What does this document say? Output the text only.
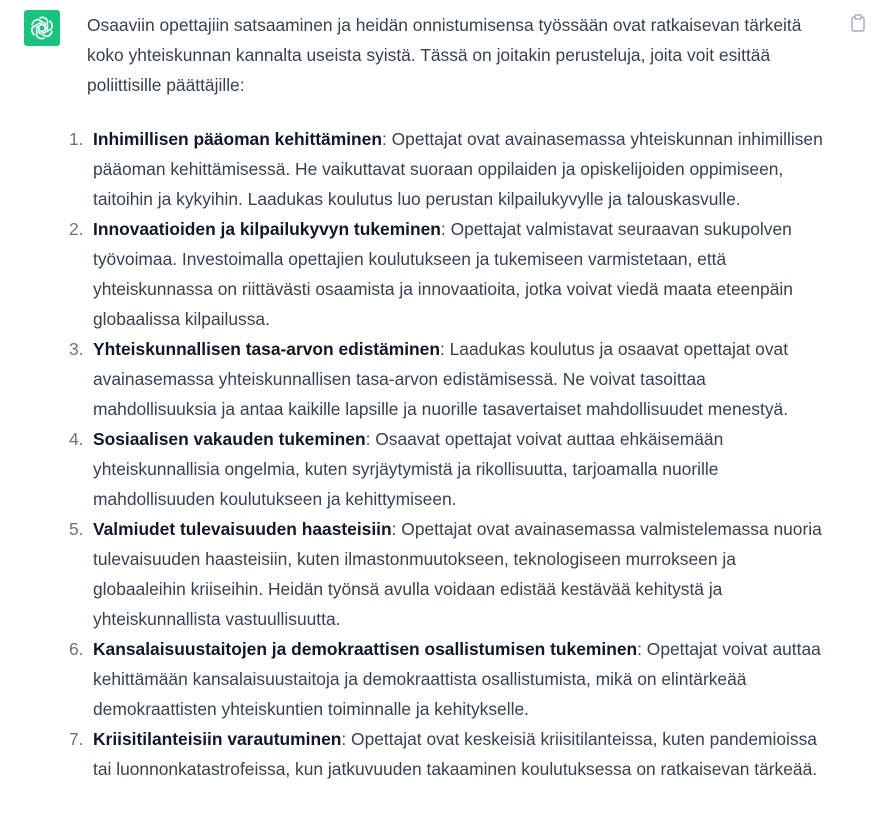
Osaaviin opettajiin satsaaminen ja heidän onnistumisensa työssään ovat ratkaisevan tärkeitä koko yhteiskunnan kannalta useista syistä. Tässä on joitakin perusteluja, joita voit esittää poliittisille päättäjille:

1. Inhimillisen pääoman kehittäminen: Opettajat ovat avainasemassa yhteiskunnan inhimillisen pääoman kehittämisessä. He vaikuttavat suoraan oppilaiden ja opiskelijoiden oppimiseen, taitoihin ja kykyihin. Laadukas koulutus luo perustan kilpailukyvylle ja talouskasvulle.
2. Innovaatioiden ja kilpailukyvyn tukeminen: Opettajat valmistavat seuraavan sukupolven työvoimaa. Investoimalla opettajien koulutukseen ja tukemiseen varmistetaan, että yhteiskunnassa on riittävästi osaamista ja innovaatioita, jotka voivat viedä maata eteenpäin globaalissa kilpailussa.
3. Yhteiskunnallisen tasa-arvon edistäminen: Laadukas koulutus ja osaavat opettajat ovat avainasemassa yhteiskunnallisen tasa-arvon edistämisessä. Ne voivat tasoittaa mahdollisuuksia ja antaa kaikille lapsille ja nuorille tasavertaiset mahdollisuudet menestyä.
4. Sosiaalisen vakauden tukeminen: Osaavat opettajat voivat auttaa ehkäisemään yhteiskunnallisia ongelmia, kuten syrjäytymistä ja rikollisuutta, tarjoamalla nuorille mahdollisuuden koulutukseen ja kehittymiseen.
5. Valmiudet tulevaisuuden haasteisiin: Opettajat ovat avainasemassa valmistelemassa nuoria tulevaisuuden haasteisiin, kuten ilmastonmuutokseen, teknologiseen murrokseen ja globaaleihin kriiseihin. Heidän työnsä avulla voidaan edistää kestävää kehitystä ja yhteiskunnallista vastuullisuutta.
6. Kansalaisuustaitojen ja demokraattisen osallistumisen tukeminen: Opettajat voivat auttaa kehittämään kansalaisuustaitoja ja demokraattista osallistumista, mikä on elintärkeää demokraattisten yhteiskuntien toiminnalle ja kehitykselle.
7. Kriisitilanteisiin varautuminen: Opettajat ovat keskeisiä kriisitilanteissa, kuten pandemioissa tai luonnonkatastrofeissa, kun jatkuvuuden takaaminen koulutuksessa on ratkaisevan tärkeää.
